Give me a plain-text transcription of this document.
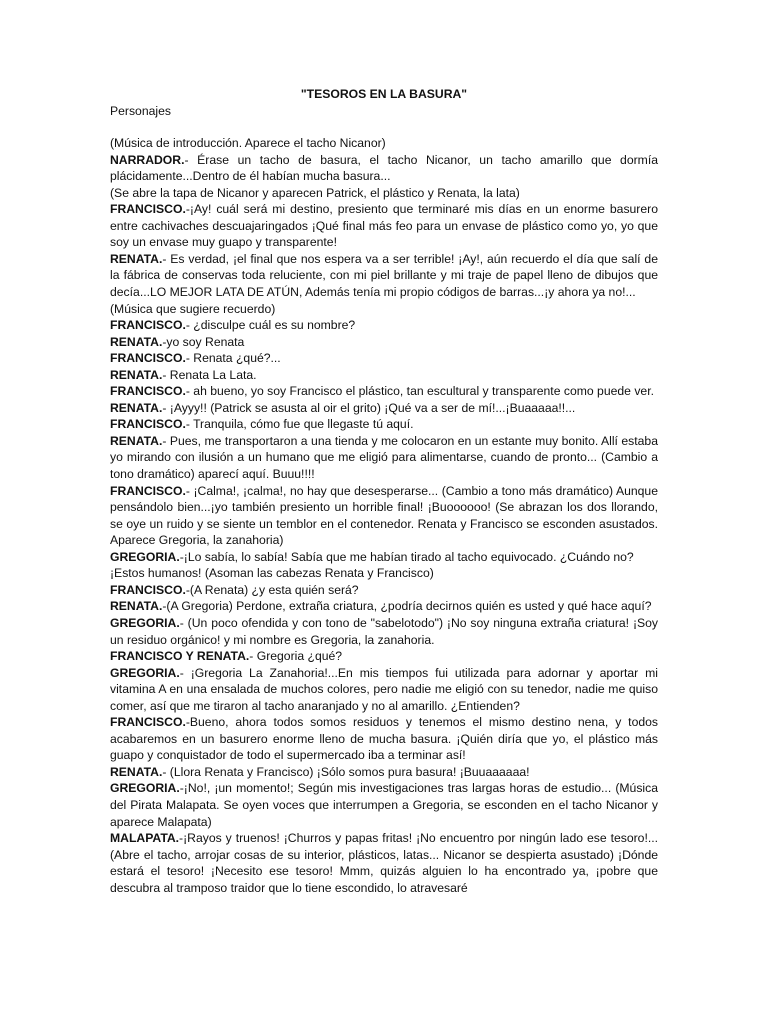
"TESOROS EN LA BASURA"

Personajes

(Música de introducción. Aparece el tacho Nicanor)

NARRADOR.- Érase un tacho de basura, el tacho Nicanor, un tacho amarillo que dormía plácidamente...Dentro de él habían mucha basura...

(Se abre la tapa de Nicanor y aparecen Patrick, el plástico y Renata, la lata)

FRANCISCO.-¡Ay! cuál será mi destino, presiento que terminaré mis días en un enorme basurero entre cachivaches descuajaringados ¡Qué final más feo para un envase de plástico como yo, yo que soy un envase muy guapo y transparente!

RENATA.- Es verdad, ¡el final que nos espera va a ser terrible! ¡Ay!, aún recuerdo el día que salí de la fábrica de conservas toda reluciente, con mi piel brillante y mi traje de papel lleno de dibujos que decía...LO MEJOR LATA DE ATÚN, Además tenía mi propio códigos de barras...¡y ahora ya no!...

(Música que sugiere recuerdo)

FRANCISCO.- ¿disculpe cuál es su nombre?

RENATA.-yo soy Renata

FRANCISCO.- Renata ¿qué?...

RENATA.- Renata La Lata.

FRANCISCO.- ah bueno, yo soy Francisco el plástico, tan escultural y transparente como puede ver.

RENATA.- ¡Ayyy!! (Patrick se asusta al oir el grito) ¡Qué va a ser de mí!...¡Buaaaaa!!...

FRANCISCO.- Tranquila, cómo fue que llegaste tú aquí.

RENATA.- Pues, me transportaron a una tienda y me colocaron en un estante muy bonito. Allí estaba yo mirando con ilusión a un humano que me eligió para alimentarse, cuando de pronto... (Cambio a tono dramático) aparecí aquí. Buuu!!!!

FRANCISCO.- ¡Calma!, ¡calma!, no hay que desesperarse... (Cambio a tono más dramático) Aunque pensándolo bien...¡yo también presiento un horrible final! ¡Buoooooo! (Se abrazan los dos llorando, se oye un ruido y se siente un temblor en el contenedor. Renata y Francisco se esconden asustados. Aparece Gregoria, la zanahoria)

GREGORIA.-¡Lo sabía, lo sabía! Sabía que me habían tirado al tacho equivocado. ¿Cuándo no? ¡Estos humanos! (Asoman las cabezas Renata y Francisco)

FRANCISCO.-(A Renata) ¿y esta quién será?

RENATA.-(A Gregoria) Perdone, extraña criatura, ¿podría decirnos quién es usted y qué hace aquí?

GREGORIA.- (Un poco ofendida y con tono de "sabelotodo") ¡No soy ninguna extraña criatura! ¡Soy un residuo orgánico! y mi nombre es Gregoria, la zanahoria.

FRANCISCO Y RENATA.- Gregoria ¿qué?

GREGORIA.- ¡Gregoria La Zanahoria!...En mis tiempos fui utilizada para adornar y aportar mi vitamina A en una ensalada de muchos colores, pero nadie me eligió con su tenedor, nadie me quiso comer, así que me tiraron al tacho anaranjado y no al amarillo. ¿Entienden?

FRANCISCO.-Bueno, ahora todos somos residuos y tenemos el mismo destino nena, y todos acabaremos en un basurero enorme lleno de mucha basura. ¡Quién diría que yo, el plástico más guapo y conquistador de todo el supermercado iba a terminar así!

RENATA.- (Llora Renata y Francisco) ¡Sólo somos pura basura! ¡Buuaaaaaa!

GREGORIA.-¡No!, ¡un momento!; Según mis investigaciones tras largas horas de estudio... (Música del Pirata Malapata. Se oyen voces que interrumpen a Gregoria, se esconden en el tacho Nicanor y aparece Malapata)

MALAPATA.-¡Rayos y truenos! ¡Churros y papas fritas! ¡No encuentro por ningún lado ese tesoro!... (Abre el tacho, arrojar cosas de su interior, plásticos, latas... Nicanor se despierta asustado) ¡Dónde estará el tesoro! ¡Necesito ese tesoro! Mmm, quizás alguien lo ha encontrado ya, ¡pobre que descubra al tramposo traidor que lo tiene escondido, lo atravesaré
